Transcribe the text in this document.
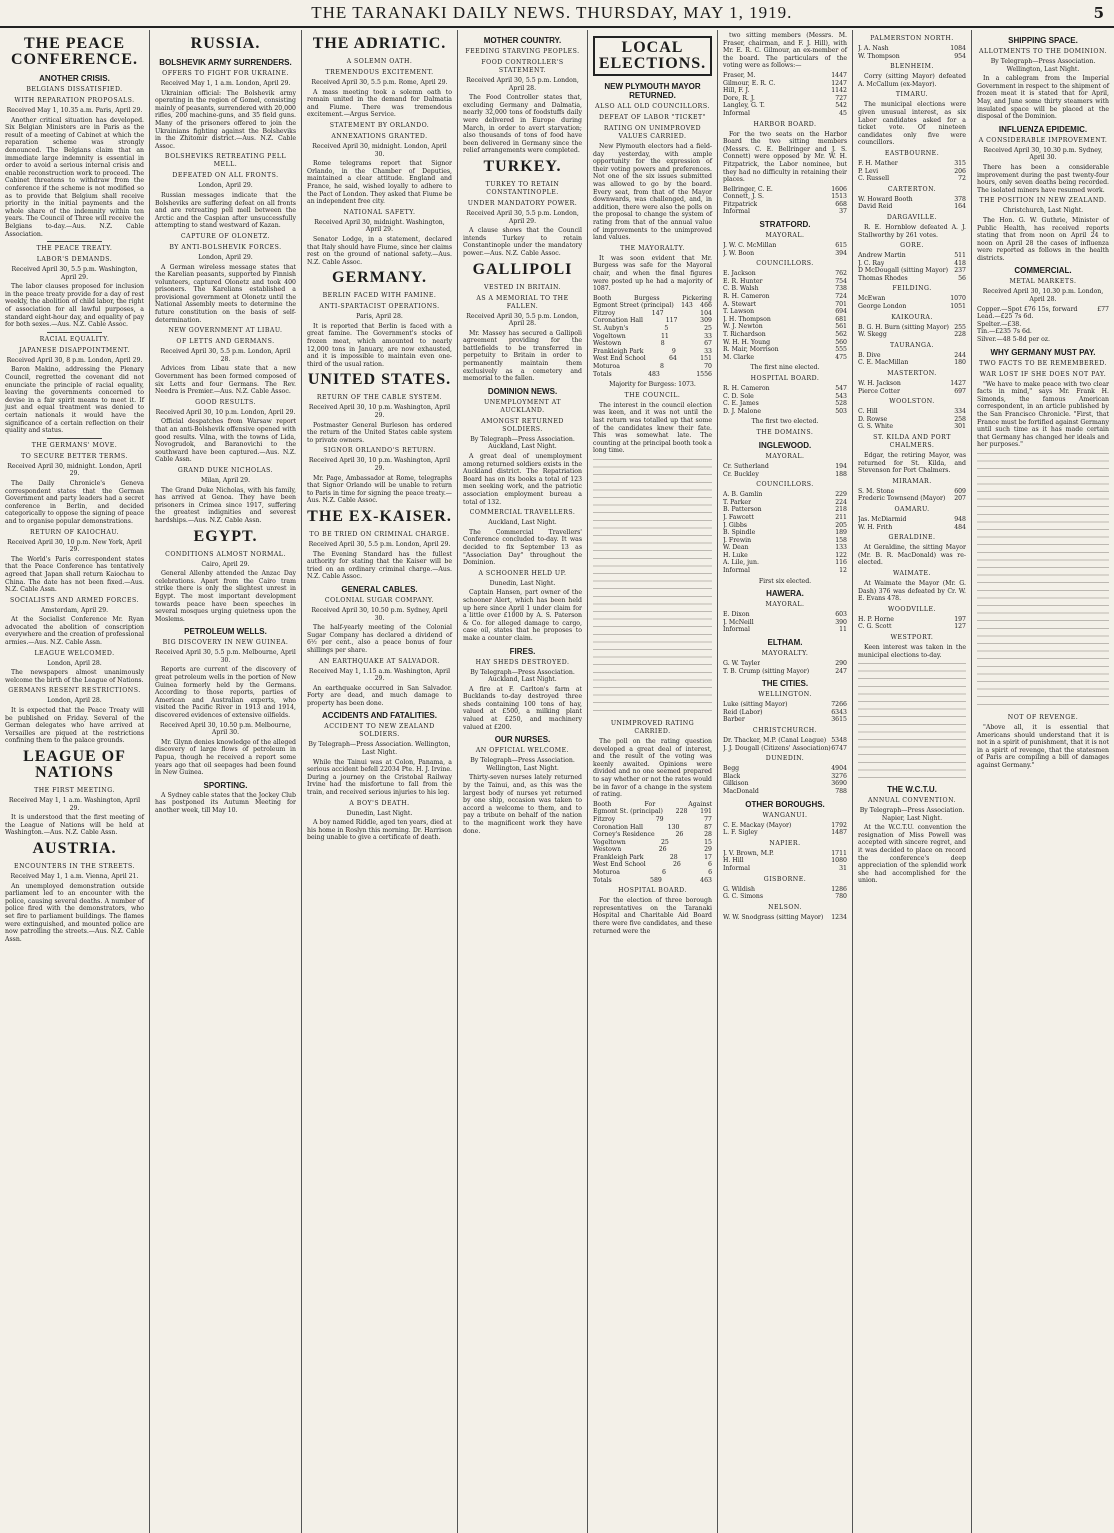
THE TARANAKI DAILY NEWS. THURSDAY, MAY 1, 1919.	5
THE PEACE CONFERENCE.
ANOTHER CRISIS.
BELGIANS DISSATISFIED.
WITH REPARATION PROPOSALS.

Received May 1, 10.35 a.m. Paris, April 29.

Another critical situation has developed. Six Belgian Ministers are in Paris as the result of a meeting of Cabinet at which the reparation scheme was strongly denounced. The Belgians claim that an immediate large indemnity is essential in order to avoid a serious internal crisis and enable reconstruction work to proceed. The Cabinet threatens to withdraw from the conference if the scheme is not modified so as to provide that Belgium shall receive priority in the initial payments and the whole share of the indemnity within ten years. The Council of Three will receive the Belgians to-day.—Aus. N.Z. Cable Association.

THE PEACE TREATY.
LABOR'S DEMANDS.

Received April 30, 5.5 p.m. Washington, April 29.

The labor clauses proposed for inclusion in the peace treaty provide for a day of rest weekly, the abolition of child labor, the right of association for all lawful purposes, a standard eight-hour day, and equality of pay for both sexes.—Aus. N.Z. Cable Assoc.

RACIAL EQUALITY.
JAPANESE DISAPPOINTMENT.

Received April 30, 8 p.m. London, April 29.

Baron Makino, addressing the Plenary Council, regretted the covenant did not enunciate the principle of racial equality, leaving the governments concerned to devise in a fair spirit means to meet it. If just and equal treatment was denied to certain nationals it would have the significance of a certain reflection on their quality and status.

THE GERMANS' MOVE.
TO SECURE BETTER TERMS.

Received April 30, midnight. London, April 29.

The Daily Chronicle's Geneva correspondent states that the German Government and party leaders had a secret conference in Berlin, and decided categorically to oppose the signing of peace and to organise popular demonstrations.

RETURN OF KAIOCHAU.

Received April 30, 10 p.m. New York, April 29.

The World's Paris correspondent states that the Peace Conference has tentatively agreed that Japan shall return Kaiochau to China. The date has not been fixed.—Aus. N.Z. Cable Assn.

SOCIALISTS AND ARMED FORCES.

Amsterdam, April 29.

At the Socialist Conference Mr. Ryan advocated the abolition of conscription everywhere and the creation of professional armies.—Aus. N.Z. Cable Assn.

LEAGUE WELCOMED.

London, April 28.

The newspapers almost unanimously welcome the birth of the League of Nations.

GERMANS RESENT RESTRICTIONS.

London, April 28.

It is expected that the Peace Treaty will be published on Friday. Several of the German delegates who have arrived at Versailles are piqued at the restrictions confining them to the palace grounds.

LEAGUE OF NATIONS
THE FIRST MEETING.

Received May 1, 1 a.m. Washington, April 29.

It is understood that the first meeting of the League of Nations will be held at Washington.—Aus. N.Z. Cable Assn.

AUSTRIA.
ENCOUNTERS IN THE STREETS.

Received May 1, 1 a.m. Vienna, April 21.

An unemployed demonstration outside parliament led to an encounter with the police, causing several deaths. A number of police fired with the demonstrators, who set fire to parliament buildings. The flames were extinguished, and mounted police are now patrolling the streets.—Aus. N.Z. Cable Assn.

RUSSIA.
BOLSHEVIK ARMY SURRENDERS.
OFFERS TO FIGHT FOR UKRAINE.

Received May 1, 1 a.m. London, April 29.

Ukrainian official: The Bolshevik army operating in the region of Gomel, consisting mainly of peasants, surrendered with 20,000 rifles, 200 machine-guns, and 35 field guns. Many of the prisoners offered to join the Ukrainians fighting against the Bolsheviks in the Zhitomir district.—Aus. N.Z. Cable Assoc.

BOLSHEVIKS RETREATING PELL MELL.
DEFEATED ON ALL FRONTS.

London, April 29.

Russian messages indicate that the Bolsheviks are suffering defeat on all fronts and are retreating pell mell between the Arctic and the Caspian after unsuccessfully attempting to stand westward of Kazan.

CAPTURE OF OLONETZ.
BY ANTI-BOLSHEVIK FORCES.

London, April 29.

A German wireless message states that the Karelian peasants, supported by Finnish volunteers, captured Olonetz and took 400 prisoners. The Karelians established a provisional government at Olonetz until the National Assembly meets to determine the future constitution on the basis of self-determination.

NEW GOVERNMENT AT LIBAU.
OF LETTS AND GERMANS.

Received April 30, 5.5 p.m. London, April 28.

Advices from Libau state that a new Government has been formed composed of six Letts and four Germans. The Rev. Needra is Premier.—Aus. N.Z. Cable Assoc.

GOOD RESULTS.

Received April 30, 10 p.m. London, April 29.

Official despatches from Warsaw report that an anti-Bolshevik offensive opened with good results. Vilna, with the towns of Lida, Novogrudok, and Baranovichi to the southward have been captured.—Aus. N.Z. Cable Assn.

GRAND DUKE NICHOLAS.

Milan, April 29.

The Grand Duke Nicholas, with his family, has arrived at Genoa. They have been prisoners in Crimea since 1917, suffering the greatest indignities and severest hardships.—Aus. N.Z. Cable Assn.

EGYPT.
CONDITIONS ALMOST NORMAL.

Cairo, April 29.

General Allenby attended the Anzac Day celebrations. Apart from the Cairo tram strike there is only the slightest unrest in Egypt. The most important development towards peace have been speeches in several mosques urging quietness upon the Moslems.

PETROLEUM WELLS.
BIG DISCOVERY IN NEW GUINEA.

Received April 30, 5.5 p.m. Melbourne, April 30.

Reports are current of the discovery of great petroleum wells in the portion of New Guinea formerly held by the Germans. According to those reports, parties of American and Australian experts, who visited the Pacific River in 1913 and 1914, discovered evidences of extensive oilfields.

Received April 30, 10.50 p.m. Melbourne, April 30.

Mr. Glynn denies knowledge of the alleged discovery of large flows of petroleum in Papua, though he received a report some years ago that oil seepages had been found in New Guinea.

SPORTING.

A Sydney cable states that the Jockey Club has postponed its Autumn Meeting for another week, till May 10.

THE ADRIATIC.
A SOLEMN OATH.
TREMENDOUS EXCITEMENT.

Received April 30, 5.5 p.m. Rome, April 29.

A mass meeting took a solemn oath to remain united in the demand for Dalmatia and Fiume. There was tremendous excitement.—Argus Service.

STATEMENT BY ORLANDO.
ANNEXATIONS GRANTED.

Received April 30, midnight. London, April 30.

Rome telegrams report that Signor Orlando, in the Chamber of Deputies, maintained a clear attitude. England and France, he said, wished loyally to adhere to the Pact of London. They asked that Fiume be an independent free city.

NATIONAL SAFETY.

Received April 30, midnight. Washington, April 29.

Senator Lodge, in a statement, declared that Italy should have Fiume, since her claims rest on the ground of national safety.—Aus. N.Z. Cable Assoc.

GERMANY.
BERLIN FACED WITH FAMINE.
ANTI-SPARTACIST OPERATIONS.

Paris, April 28.

It is reported that Berlin is faced with a great famine. The Government's stocks of frozen meat, which amounted to nearly 12,000 tons in January, are now exhausted, and it is impossible to maintain even one-third of the usual ration.

UNITED STATES.
RETURN OF THE CABLE SYSTEM.

Received April 30, 10 p.m. Washington, April 29.

Postmaster General Burleson has ordered the return of the United States cable system to private owners.

SIGNOR ORLANDO'S RETURN.

Received April 30, 10 p.m. Washington, April 29.

Mr. Page, Ambassador at Rome, telegraphs that Signor Orlando will be unable to return to Paris in time for signing the peace treaty.—Aus. N.Z. Cable Assoc.

THE EX-KAISER.
TO BE TRIED ON CRIMINAL CHARGE.

Received April 30, 5.5 p.m. London, April 29.

The Evening Standard has the fullest authority for stating that the Kaiser will be tried on an ordinary criminal charge.—Aus. N.Z. Cable Assoc.

GENERAL CABLES.
COLONIAL SUGAR COMPANY.

Received April 30, 10.50 p.m. Sydney, April 30.

The half-yearly meeting of the Colonial Sugar Company has declared a dividend of 6½ per cent., also a peace bonus of four shillings per share.

AN EARTHQUAKE AT SALVADOR.

Received May 1, 1.15 a.m. Washington, April 29.

An earthquake occurred in San Salvador. Forty are dead, and much damage to property has been done.

ACCIDENTS AND FATALITIES.
ACCIDENT TO NEW ZEALAND SOLDIERS.

By Telegraph—Press Association. Wellington, Last Night.

While the Tainui was at Colon, Panama, a serious accident befell 22034 Pte. H. J. Irvine. During a journey on the Cristobal Railway Irvine had the misfortune to fall from the train, and received serious injuries to his leg.

A BOY'S DEATH.

Dunedin, Last Night.

A boy named Riddle, aged ten years, died at his home in Roslyn this morning. Dr. Harrison being unable to give a certificate of death.

MOTHER COUNTRY.
FEEDING STARVING PEOPLES.
FOOD CONTROLLER'S STATEMENT.

Received April 30, 5.5 p.m. London, April 28.

The Food Controller states that, excluding Germany and Dalmatia, nearly 32,000 tons of foodstuffs daily were delivered in Europe during March, in order to avert starvation; also thousands of tons of food have been delivered in Germany since the relief arrangements were completed.

TURKEY.
TURKEY TO RETAIN CONSTANTINOPLE.
UNDER MANDATORY POWER.

Received April 30, 5.5 p.m. London, April 29.

A clause shows that the Council intends Turkey to retain Constantinople under the mandatory power.—Aus. N.Z. Cable Assoc.

GALLIPOLI
VESTED IN BRITAIN.
AS A MEMORIAL TO THE FALLEN.

Received April 30, 5.5 p.m. London, April 28.

Mr. Massey has secured a Gallipoli agreement providing for the battlefields to be transferred in perpetuity to Britain in order to permanently maintain them exclusively as a cemetery and memorial to the fallen.

DOMINION NEWS.
UNEMPLOYMENT AT AUCKLAND.
AMONGST RETURNED SOLDIERS.

By Telegraph—Press Association. Auckland, Last Night.

A great deal of unemployment among returned soldiers exists in the Auckland district. The Repatriation Board has on its books a total of 123 men seeking work, and the patriotic association employment bureau a total of 132.

COMMERCIAL TRAVELLERS.

Auckland, Last Night.

The Commercial Travellers' Conference concluded to-day. It was decided to fix September 13 as "Association Day" throughout the Dominion.

A SCHOONER HELD UP.

Dunedin, Last Night.

Captain Hansen, part owner of the schooner Alert, which has been held up here since April 1 under claim for a little over £1000 by A. S. Paterson & Co. for alleged damage to cargo, case oil, states that he proposes to make a counter claim.

FIRES.
HAY SHEDS DESTROYED.

By Telegraph—Press Association. Auckland, Last Night.

A fire at F. Carlton's farm at Bucklands to-day destroyed three sheds containing 100 tons of hay, valued at £500, a milking plant valued at £250, and machinery valued at £200.

OUR NURSES.
AN OFFICIAL WELCOME.

By Telegraph—Press Association. Wellington, Last Night.

Thirty-seven nurses lately returned by the Tainui, and, as this was the largest body of nurses yet returned by one ship, occasion was taken to accord a welcome to them, and to pay a tribute on behalf of the nation to the magnificent work they have done.

LOCAL ELECTIONS.
NEW PLYMOUTH MAYOR RETURNED.
ALSO ALL OLD COUNCILLORS.
DEFEAT OF LABOR "TICKET"
RATING ON UNIMPROVED VALUES CARRIED.

New Plymouth electors had a field-day yesterday, with ample opportunity for the expression of their voting powers and preferences. Not one of the six issues submitted was allowed to go by the board. Every seat, from that of the Mayor downwards, was challenged, and, in addition, there were also the polls on the proposal to change the system of rating from that of the annual value of improvements to the unimproved land values.

THE MAYORALTY.

It was soon evident that Mr. Burgess was safe for the Mayoral chair, and when the final figures were posted up he had a majority of 1087.

Booth	Burgess	Pickering
Egmont Street (principal) 143 466
Fitzroy	147	104
Coronation Hall	117	309
St. Aubyn's	5	25
Vogeltown	11	33
Westown	8	67
Frankleigh Park	9	33
West End School	64	151
Moturoa	8	70
Totals	483	1556

Majority for Burgess: 1073.

THE COUNCIL.

The interest in the council election was keen, and it was not until the last return was totalled up that some of the candidates knew their fate. This was somewhat late. The counting at the principal booth took a long time.

UNIMPROVED RATING CARRIED.

The poll on the rating question developed a great deal of interest, and the result of the voting was keenly awaited. Opinions were divided and no one seemed prepared to say whether or not the rates would be in favor of a change in the system of rating.

Booth	For	Against
Egmont St. (principal) 228 191
Fitzroy	79	77
Coronation Hall	130	87
Corney's Residence	26	28
Vogeltown	25	15
Westown	26	29
Frankleigh Park	28	17
West End School	26	6
Moturoa	6	6
Totals	589	463
HOSPITAL BOARD.

For the election of three borough representatives on the Taranaki Hospital and Charitable Aid Board there were five candidates, and these returned were the

two sitting members (Messrs. M. Fraser, chairman, and F. J. Hill), with Mr. E. R. C. Gilmour, an ex-member of the board. The particulars of the voting were as follows:—

Fraser, M.	1447
Gilmour, E. R. C.	1247
Hill, F. J.	1142
Dore, R. J.	727
Langley, G. T.	542
Informal	45
HARBOR BOARD.

For the two seats on the Harbor Board the two sitting members (Messrs. C. E. Bellringer and J. S. Connett) were opposed by Mr. W. H. Fitzpatrick, the Labor nominee, but they had no difficulty in retaining their places.

Bellringer, C. E.	1606
Connett, J. S.	1513
Fitzpatrick	668
Informal	37
STRATFORD.
MAYORAL.
J. W. C. McMillan	615
J. W. Boon	394
COUNCILLORS.
E. Jackson	762
E. R. Hunter	754
C. B. Walsh	738
R. H. Cameron	724
A. Stewart	701
T. Lawson	694
J. H. Thompson	681
W. J. Newton	561
T. Richardson	562
W. H. H. Young	560
R. Mair, Morrison	555
M. Clarke	475

The first nine elected.

HOSPITAL BOARD.
R. H. Cameron	547
C. D. Sole	543
C. E. James	528
D. J. Malone	503

The first two elected.

THE DOMAINS.
INGLEWOOD.
MAYORAL.
Cr. Sutherland	194
Cr. Buckley	188
COUNCILLORS.
A. B. Gamlin	229
T. Parker	224
B. Patterson	218
J. Fawcett	211
J. Gibbs	205
B. Spindle	189
J. Frewin	158
W. Dean	133
H. Luke	122
A. Lile, jun.	116
Informal	12

First six elected.

HAWERA.
MAYORAL.
E. Dixon	603
J. McNeill	390
Informal	11
ELTHAM.
MAYORALTY.
G. W. Tayler	290
T. B. Crump (sitting Mayor)	247
THE CITIES.
WELLINGTON.
Luke (sitting Mayor)	7266
Reid (Labor)	6343
Barber	3615
CHRISTCHURCH.
Dr. Thacker, M.P. (Canal League) 5348
J. J. Dougall (Citizens' Association) 6747
DUNEDIN.
Begg	4904
Black	3276
Gilkison	3690
MacDonald	788
OTHER BOROUGHS.
WANGANUI.
C. E. Mackay (Mayor)	1792
L. F. Sigley	1487
NAPIER.
J. V. Brown, M.P.	1711
H. Hill	1080
Informal	31
GISBORNE.
G. Wildish	1286
G. C. Simons	780
NELSON.
W. W. Snodgrass (sitting Mayor) 1234
PALMERSTON NORTH.
J. A. Nash	1084
W. Thompson	954
BLENHEIM.

Corry (sitting Mayor) defeated A. McCallum (ex-Mayor).

TIMARU.

The municipal elections were given unusual interest, as six Labor candidates asked for a ticket vote. Of nineteen candidates only five were councillors.

EASTBOURNE.
F. H. Mather	315
P. Levi	206
C. Russell	72
CARTERTON.
W. Howard Booth	378
David Reid	164
DARGAVILLE.

R. E. Hornblow defeated A. J. Stallworthy by 261 votes.

GORE.
Andrew Martin	511
J. C. Ray	418
D McDougall (sitting Mayor) 237
Thomas Rhodes	56
FEILDING.
McEwan	1070
George London	1051
KAIKOURA.
B. G. H. Burn (sitting Mayor) 255
W. Skegg	228
TAURANGA.
B. Dive	244
C. E. MacMillan	180
MASTERTON.
W. H. Jackson	1427
Pierce Cotter	697
WOOLSTON.
C. Hill	334
D. Rowse	258
G. S. White	301
ST. KILDA AND PORT CHALMERS.

Edgar, the retiring Mayor, was returned for St. Kilda, and Stevenson for Port Chalmers.

MIRAMAR.
S. M. Stone	609
Frederic Townsend (Mayor) 207
OAMARU.
Jas. McDiarmid	948
W. H. Frith	484
GERALDINE.

At Geraldine, the sitting Mayor (Mr. B. R. MacDonald) was re-elected.

WAIMATE.

At Waimate the Mayor (Mr. G. Dash) 376 was defeated by Cr. W. E. Evans 478.

WOODVILLE.
H. P. Horne	197
C. G. Scott	127
WESTPORT.

Keen interest was taken in the municipal elections to-day.

THE W.C.T.U.
ANNUAL CONVENTION.

By Telegraph—Press Association. Napier, Last Night.

At the W.C.T.U. convention the resignation of Miss Powell was accepted with sincere regret, and it was decided to place on record the conference's deep appreciation of the splendid work she had accomplished for the union.

SHIPPING SPACE.
ALLOTMENTS TO THE DOMINION.

By Telegraph—Press Association. Wellington, Last Night.

In a cablegram from the Imperial Government in respect to the shipment of frozen meat it is stated that for April, May, and June some thirty steamers with insulated space will be placed at the disposal of the Dominion.

INFLUENZA EPIDEMIC.
A CONSIDERABLE IMPROVEMENT.

Received April 30, 10.30 p.m. Sydney, April 30.

There has been a considerable improvement during the past twenty-four hours, only seven deaths being recorded. The isolated miners have resumed work.

THE POSITION IN NEW ZEALAND.

Christchurch, Last Night.

The Hon. G. W. Guthrie, Minister of Public Health, has received reports stating that from noon on April 24 to noon on April 28 the cases of influenza were reported as follows in the health districts.

COMMERCIAL.
METAL MARKETS.

Received April 30, 10.30 p.m. London, April 28.

Copper.—Spot £76 15s, forward	£77
Lead.—£25 7s 6d.
Spelter.—£38.
Tin.—£235 7s 6d.
Silver.—48 5-8d per oz.
WHY GERMANY MUST PAY.
TWO FACTS TO BE REMEMBERED.
WAR LOST IF SHE DOES NOT PAY.

"We have to make peace with two clear facts in mind," says Mr. Frank H. Simonds, the famous American correspondent, in an article published by the San Francisco Chronicle. "First, that France must be fortified against Germany until such time as it has made certain that Germany has changed her ideals and her purposes."

NOT OF REVENGE.

"Above all, it is essential that Americans should understand that it is not in a spirit of punishment, that it is not in a spirit of revenge, that the statesmen of Paris are compiling a bill of damages against Germany."
